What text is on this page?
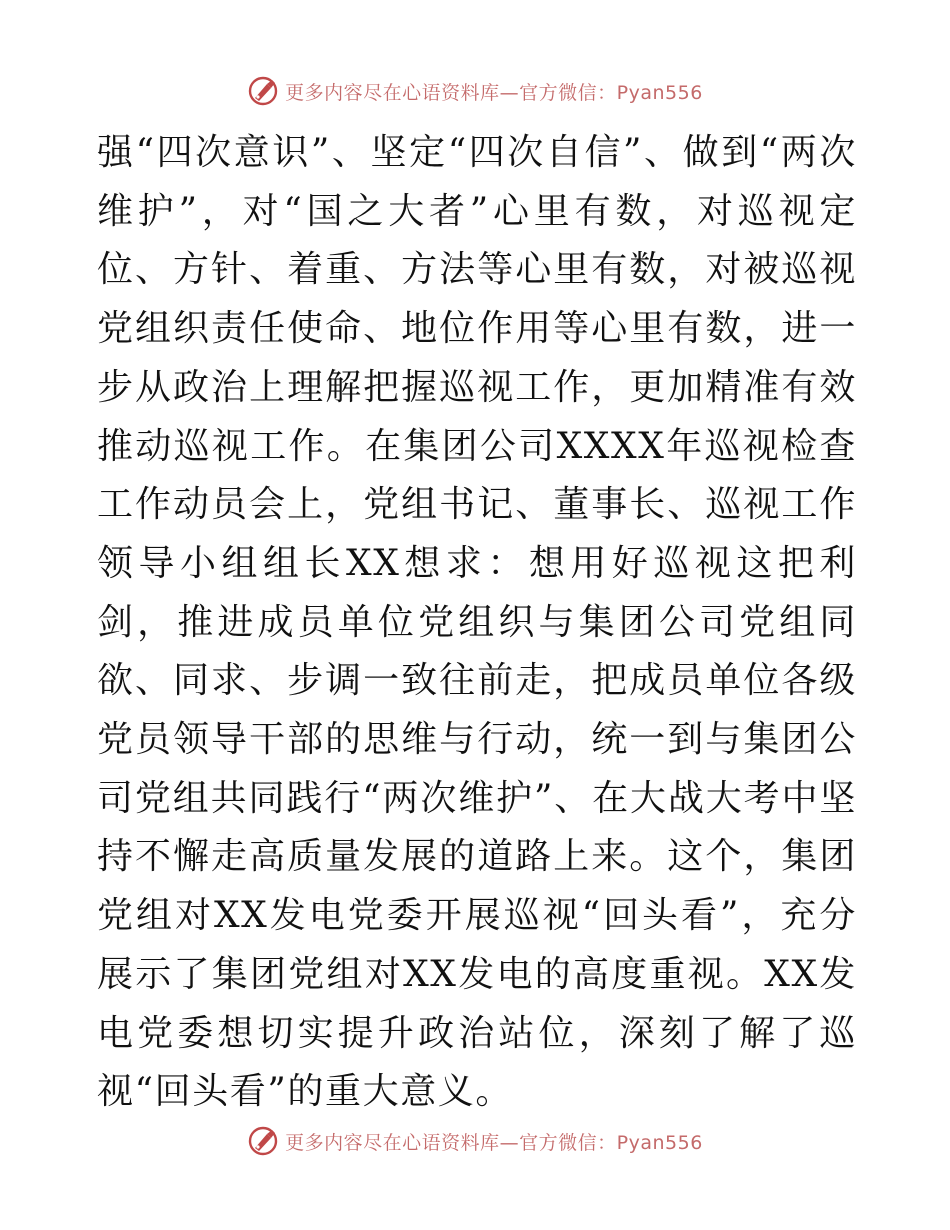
更多内容尽在心语资料库—官方微信：Pyan556

强“四次意识”、坚定“四次自信”、做到“两次维护”，对“国之大者”心里有数，对巡视定位、方针、着重、方法等心里有数，对被巡视党组织责任使命、地位作用等心里有数，进一步从政治上理解把握巡视工作，更加精准有效推动巡视工作。在集团公司XXXX年巡视检查工作动员会上，党组书记、董事长、巡视工作领导小组组长XX想求：想用好巡视这把利剑，推进成员单位党组织与集团公司党组同欲、同求、步调一致往前走，把成员单位各级党员领导干部的思维与行动，统一到与集团公司党组共同践行“两次维护”、在大战大考中坚持不懈走高质量发展的道路上来。这个，集团党组对XX发电党委开展巡视“回头看”，充分展示了集团党组对XX发电的高度重视。XX发电党委想切实提升政治站位，深刻了解了巡视“回头看”的重大意义。

更多内容尽在心语资料库—官方微信：Pyan556
